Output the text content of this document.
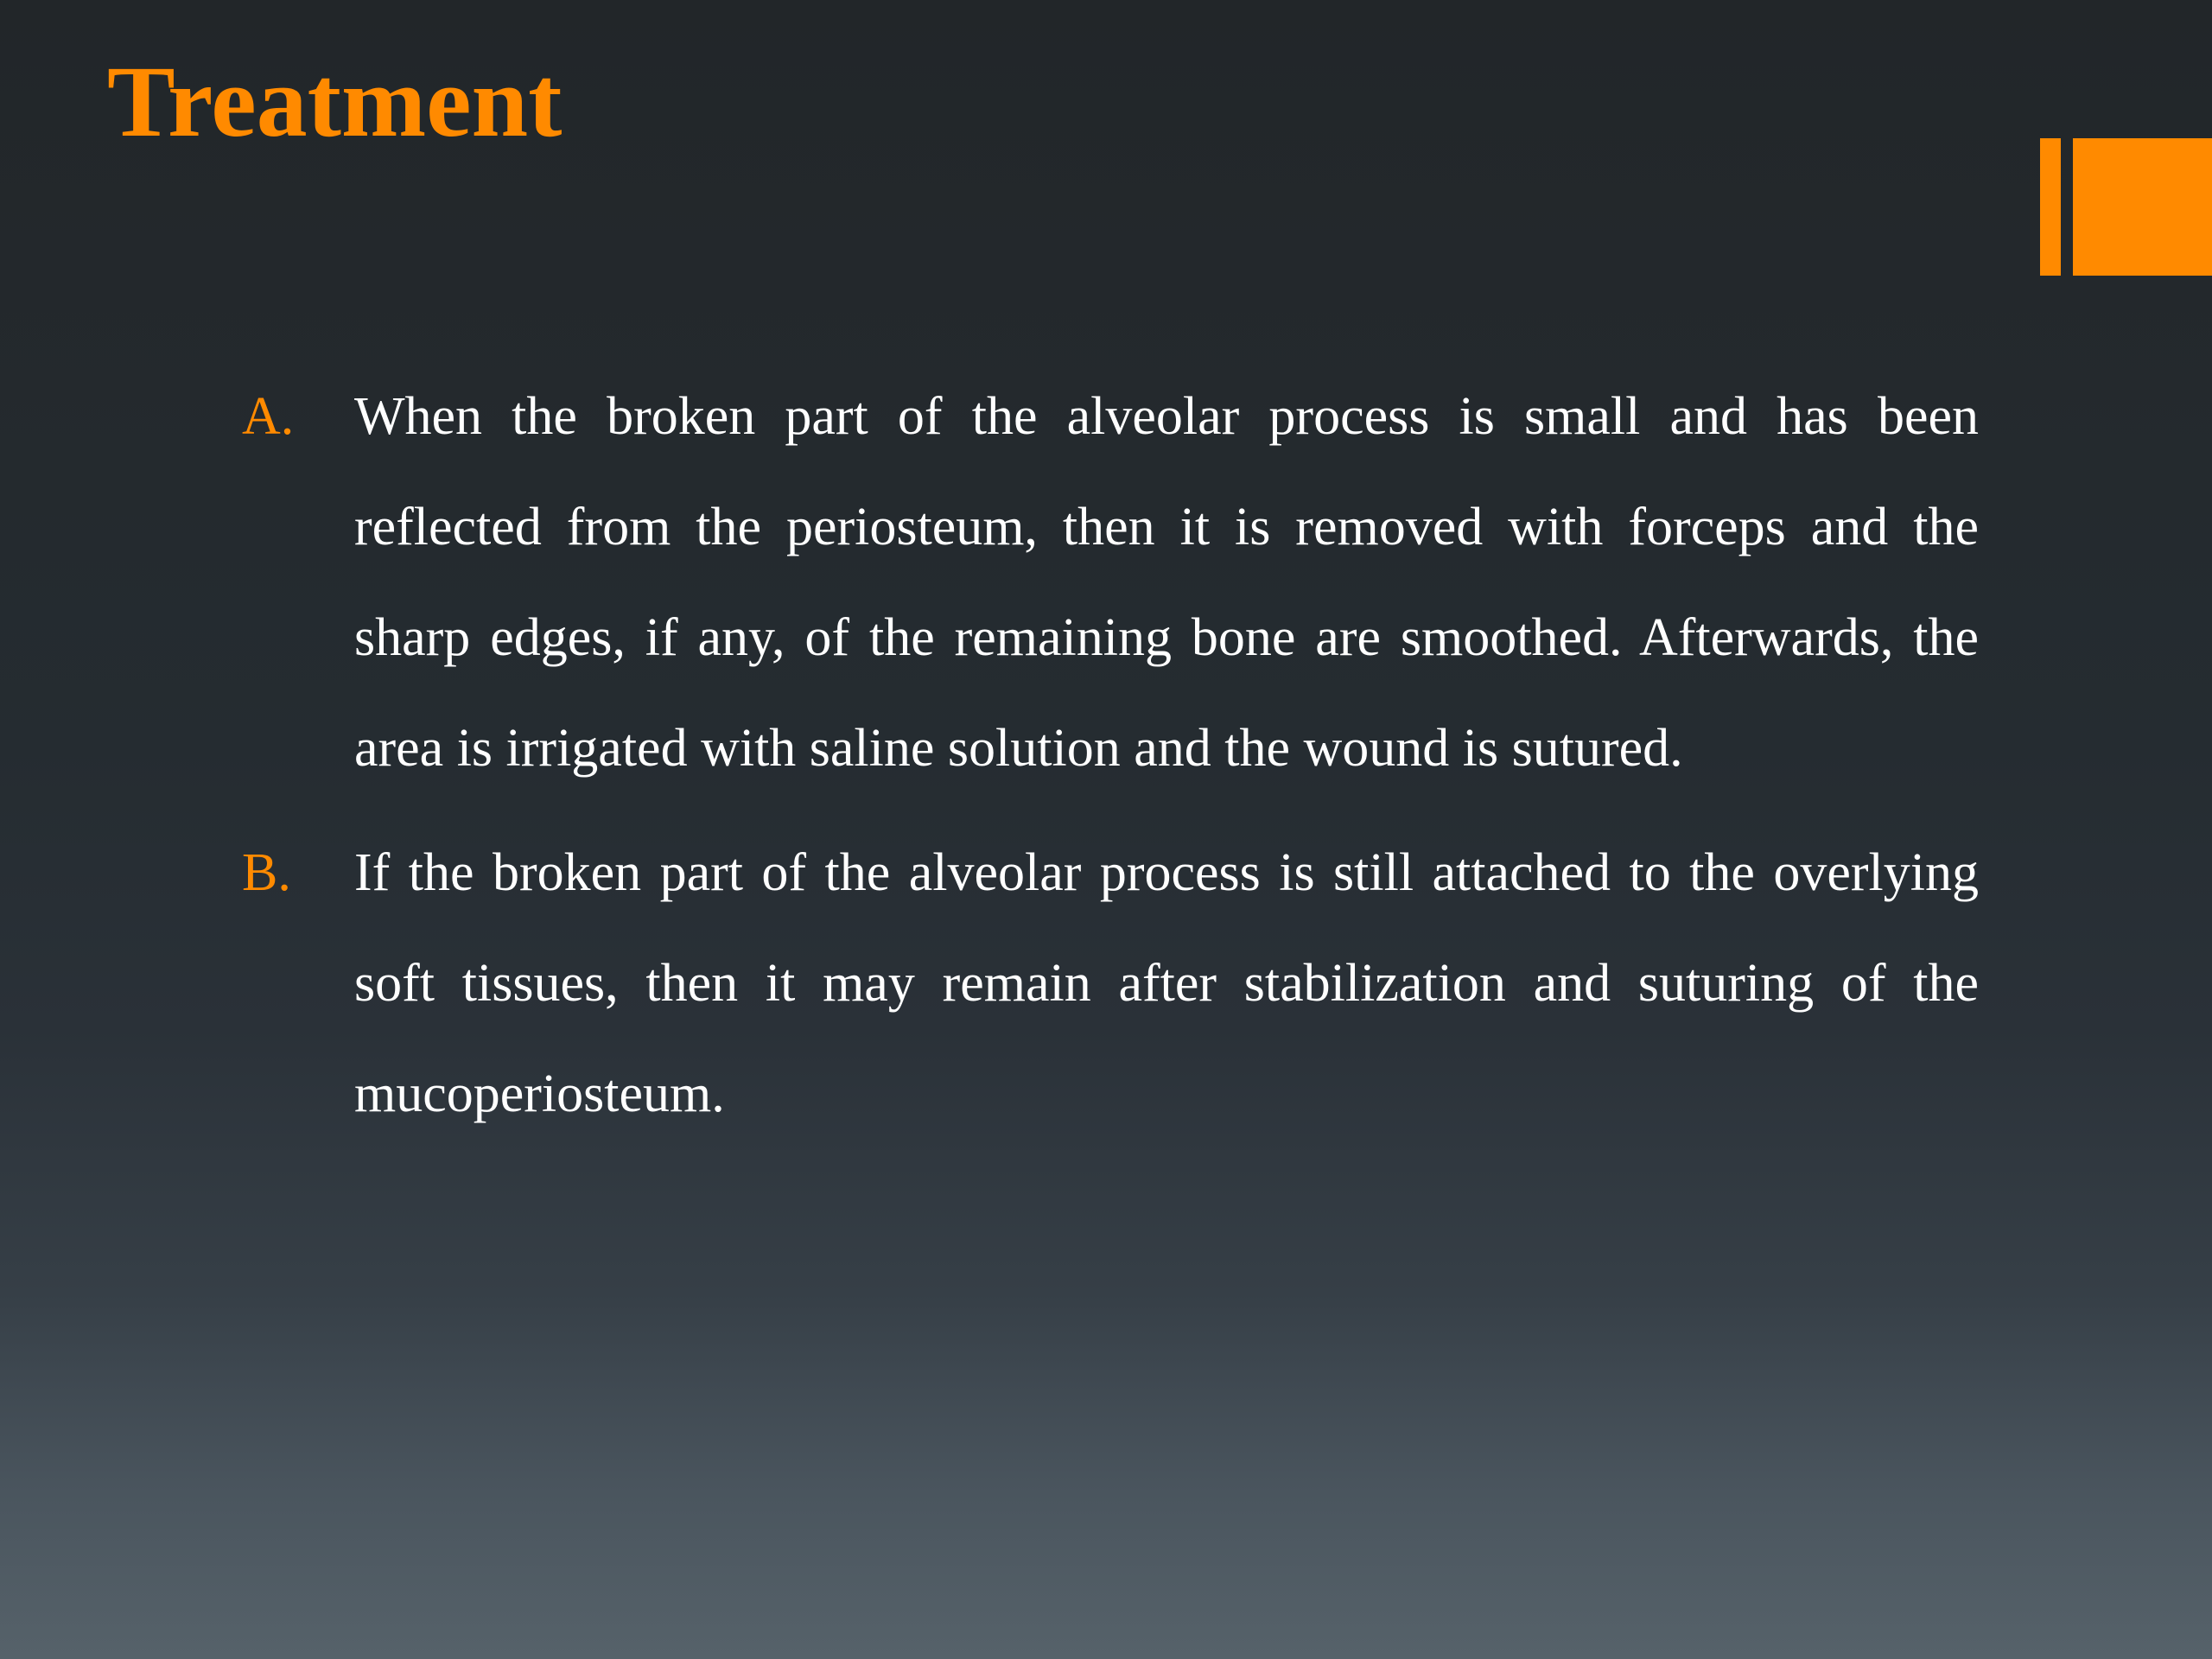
Treatment
A. When the broken part of the alveolar process is small and has been reflected from the periosteum, then it is removed with forceps and the sharp edges, if any, of the remaining bone are smoothed. Afterwards, the area is irrigated with saline solution and the wound is sutured.
B. If the broken part of the alveolar process is still attached to the overlying soft tissues, then it may remain after stabilization and suturing of the mucoperiosteum.
